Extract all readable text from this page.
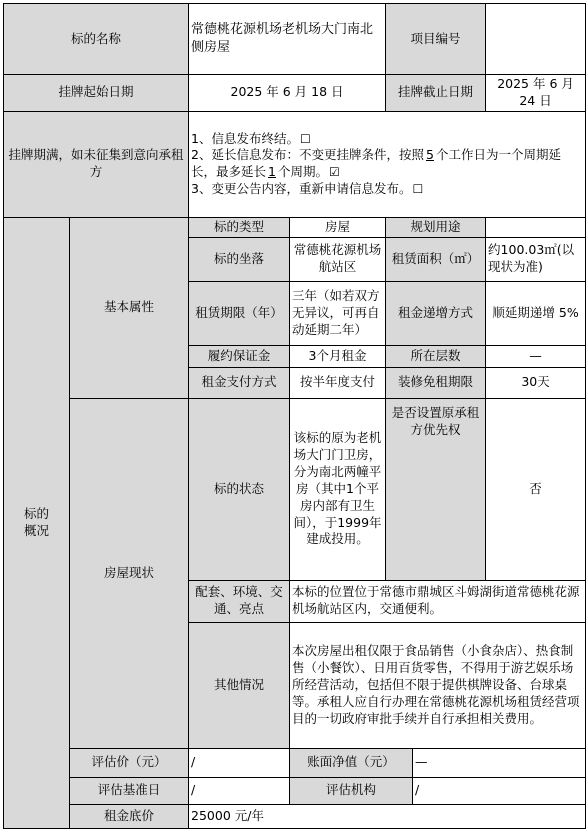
标的名称		常德桃花源机场老机场大门南北侧房屋		项目编号		
挂牌起始日期		2025 年 6 月 18 日		挂牌截止日期		2025 年 6 月 24 日
挂牌期满，如未征集到意向承租方		1、信息发布终结。☐
2、延长信息发布：不变更挂牌条件，按照 5 个工作日为一个周期延长，最多延长 1 个周期。☑
3、变更公告内容，重新申请信息发布。☐				

标的概况	基本属性	标的类型	房屋	规划用途		
		标的坐落	常德桃花源机场航站区	租赁面积（㎡）		约100.03㎡(以现状为准)
		租赁期限（年）	三年（如若双方无异议，可再自动延期二年）	租金递增方式		顺延期递增 5%
		履约保证金	3个月租金	所在层数		—
		租金支付方式	按半年度支付	装修免租期限		30天
	房屋现状	标的状态	该标的原为老机场大门门卫房，分为南北两幢平房（其中1个平房内部有卫生间），于1999年建成投用。	是否设置原承租方优先权		否
		配套、环境、交通、亮点	本标的位置位于常德市鼎城区斗姆湖街道常德桃花源机场航站区内，交通便利。			
		其他情况	本次房屋出租仅限于食品销售（小食杂店）、热食制售（小餐饮）、日用百货零售，不得用于游艺娱乐场所经营活动，包括但不限于提供棋牌设备、台球桌等。承租人应自行办理在常德桃花源机场租赁经营项目的一切政府审批手续并自行承担相关费用。			
	评估价（元）	/	账面净值（元）		—	
	评估基准日	/	评估机构		/	
	租金底价	25000 元/年				
